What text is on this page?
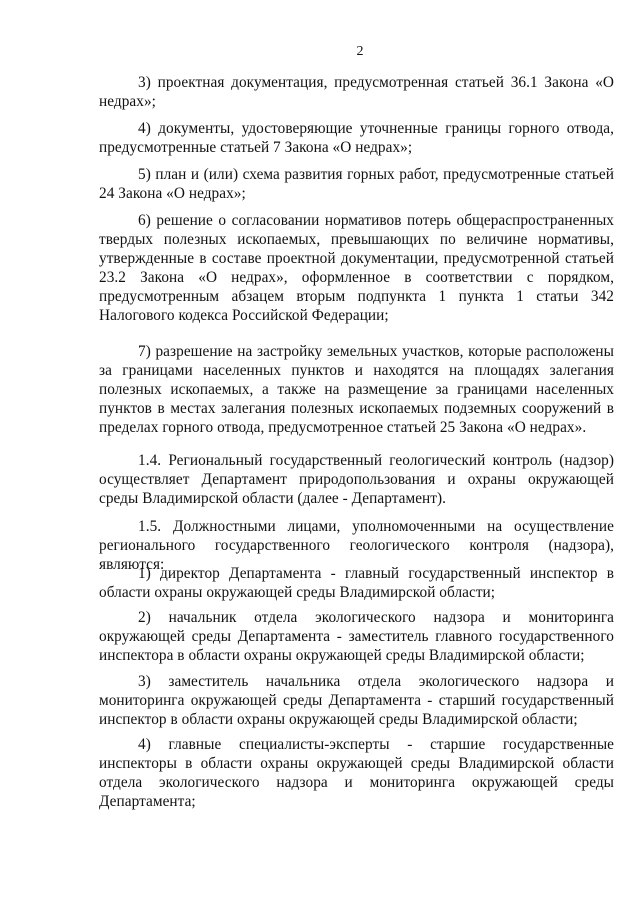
2

3) проектная документация, предусмотренная статьей 36.1 Закона «О недрах»;

4) документы, удостоверяющие уточненные границы горного отвода, предусмотренные статьей 7 Закона «О недрах»;

5) план и (или) схема развития горных работ, предусмотренные статьей 24 Закона «О недрах»;

6) решение о согласовании нормативов потерь общераспространенных твердых полезных ископаемых, превышающих по величине нормативы, утвержденные в составе проектной документации, предусмотренной статьей 23.2 Закона «О недрах», оформленное в соответствии с порядком, предусмотренным абзацем вторым подпункта 1 пункта 1 статьи 342 Налогового кодекса Российской Федерации;

7) разрешение на застройку земельных участков, которые расположены за границами населенных пунктов и находятся на площадях залегания полезных ископаемых, а также на размещение за границами населенных пунктов в местах залегания полезных ископаемых подземных сооружений в пределах горного отвода, предусмотренное статьей 25 Закона «О недрах».

1.4. Региональный государственный геологический контроль (надзор) осуществляет Департамент природопользования и охраны окружающей среды Владимирской области (далее - Департамент).

1.5. Должностными лицами, уполномоченными на осуществление регионального государственного геологического контроля (надзора), являются:

1) директор Департамента - главный государственный инспектор в области охраны окружающей среды Владимирской области;

2) начальник отдела экологического надзора и мониторинга окружающей среды Департамента - заместитель главного государственного инспектора в области охраны окружающей среды Владимирской области;

3) заместитель начальника отдела экологического надзора и мониторинга окружающей среды Департамента - старший государственный инспектор в области охраны окружающей среды Владимирской области;

4) главные специалисты-эксперты - старшие государственные инспекторы в области охраны окружающей среды Владимирской области отдела экологического надзора и мониторинга окружающей среды Департамента;
